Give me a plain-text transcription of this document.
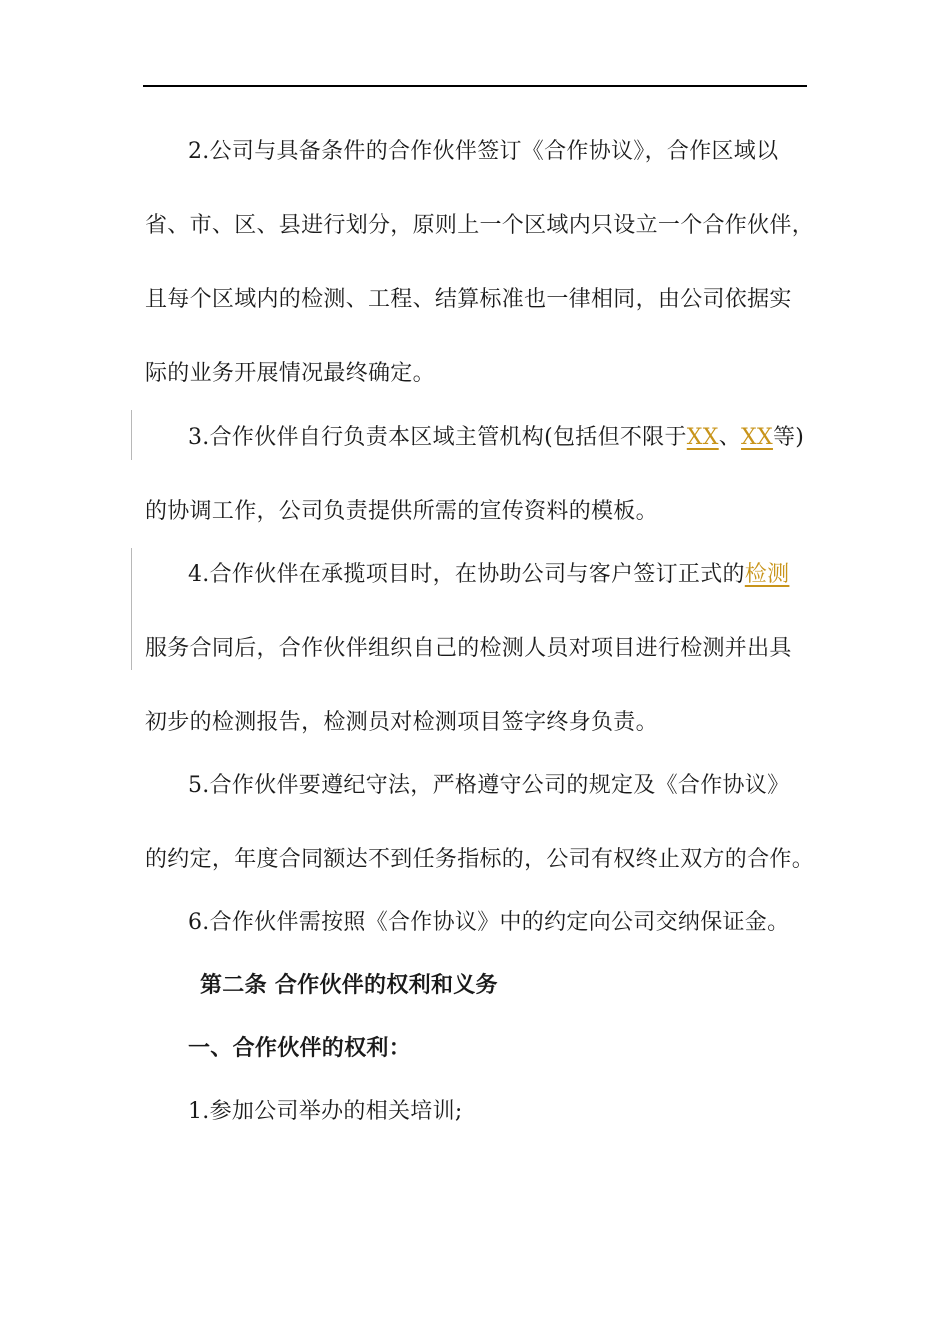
2.公司与具备条件的合作伙伴签订《合作协议》，合作区域以
省、市、区、县进行划分，原则上一个区域内只设立一个合作伙伴，
且每个区域内的检测、工程、结算标准也一律相同，由公司依据实
际的业务开展情况最终确定。
3.合作伙伴自行负责本区域主管机构(包括但不限于XX、XX等)
的协调工作，公司负责提供所需的宣传资料的模板。
4.合作伙伴在承揽项目时，在协助公司与客户签订正式的检测
服务合同后，合作伙伴组织自己的检测人员对项目进行检测并出具
初步的检测报告，检测员对检测项目签字终身负责。
5.合作伙伴要遵纪守法，严格遵守公司的规定及《合作协议》
的约定，年度合同额达不到任务指标的，公司有权终止双方的合作。
6.合作伙伴需按照《合作协议》中的约定向公司交纳保证金。
第二条 合作伙伴的权利和义务
一、合作伙伴的权利：
1.参加公司举办的相关培训;
